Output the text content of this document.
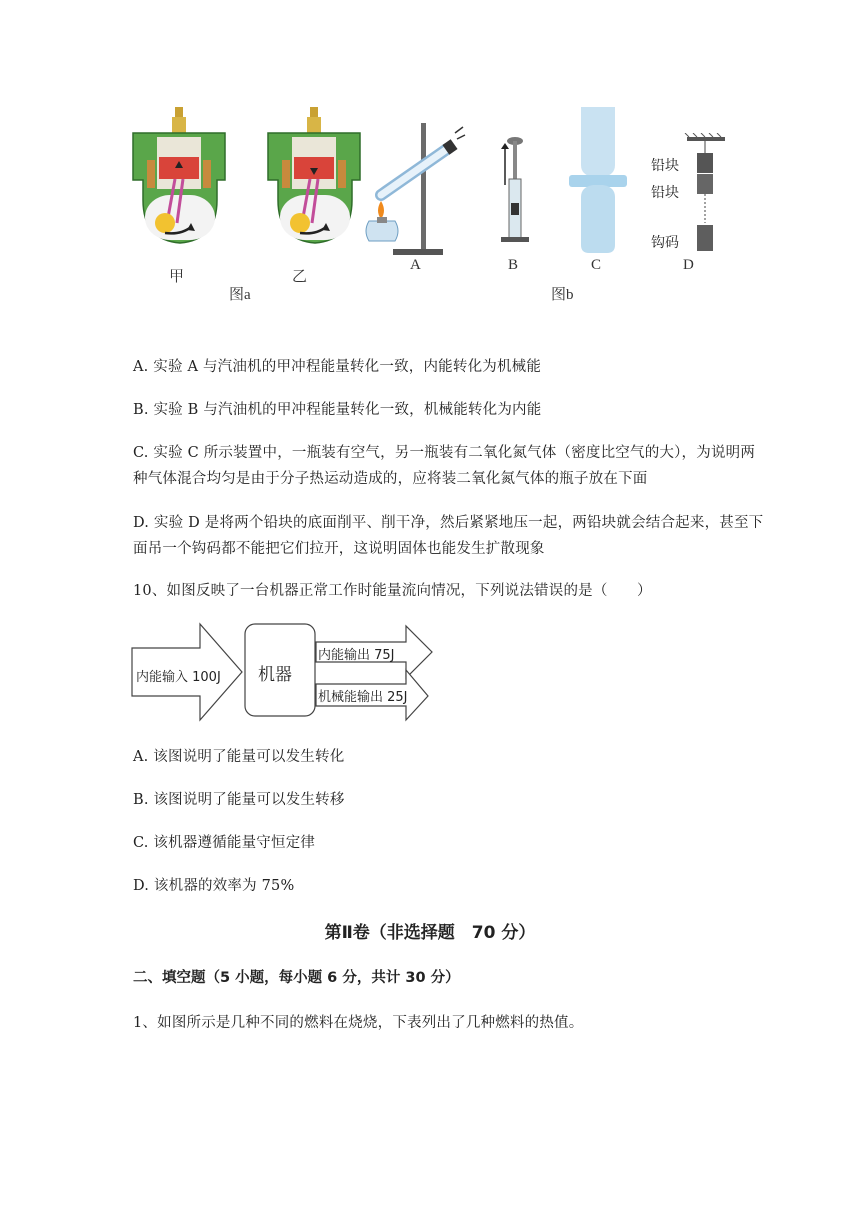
甲	乙
图a
A	B	C
铅块
铅块
钩码
D
图b
A. 实验 A 与汽油机的甲冲程能量转化一致，内能转化为机械能
B. 实验 B 与汽油机的甲冲程能量转化一致，机械能转化为内能
C. 实验 C 所示装置中，一瓶装有空气，另一瓶装有二氧化氮气体（密度比空气的大），为说明两
种气体混合均匀是由于分子热运动造成的，应将装二氧化氮气体的瓶子放在下面
D. 实验 D 是将两个铅块的底面削平、削干净，然后紧紧地压一起，两铅块就会结合起来，甚至下
面吊一个钩码都不能把它们拉开，这说明固体也能发生扩散现象
10、如图反映了一台机器正常工作时能量流向情况，下列说法错误的是（　　）
内能输入 100J 机器
内能输出 75J
机械能输出 25J
A. 该图说明了能量可以发生转化
B. 该图说明了能量可以发生转移
C. 该机器遵循能量守恒定律
D. 该机器的效率为 75%
第Ⅱ卷（非选择题　70 分）
二、填空题（5 小题，每小题 6 分，共计 30 分）
1、如图所示是几种不同的燃料在烧烧，下表列出了几种燃料的热值。
